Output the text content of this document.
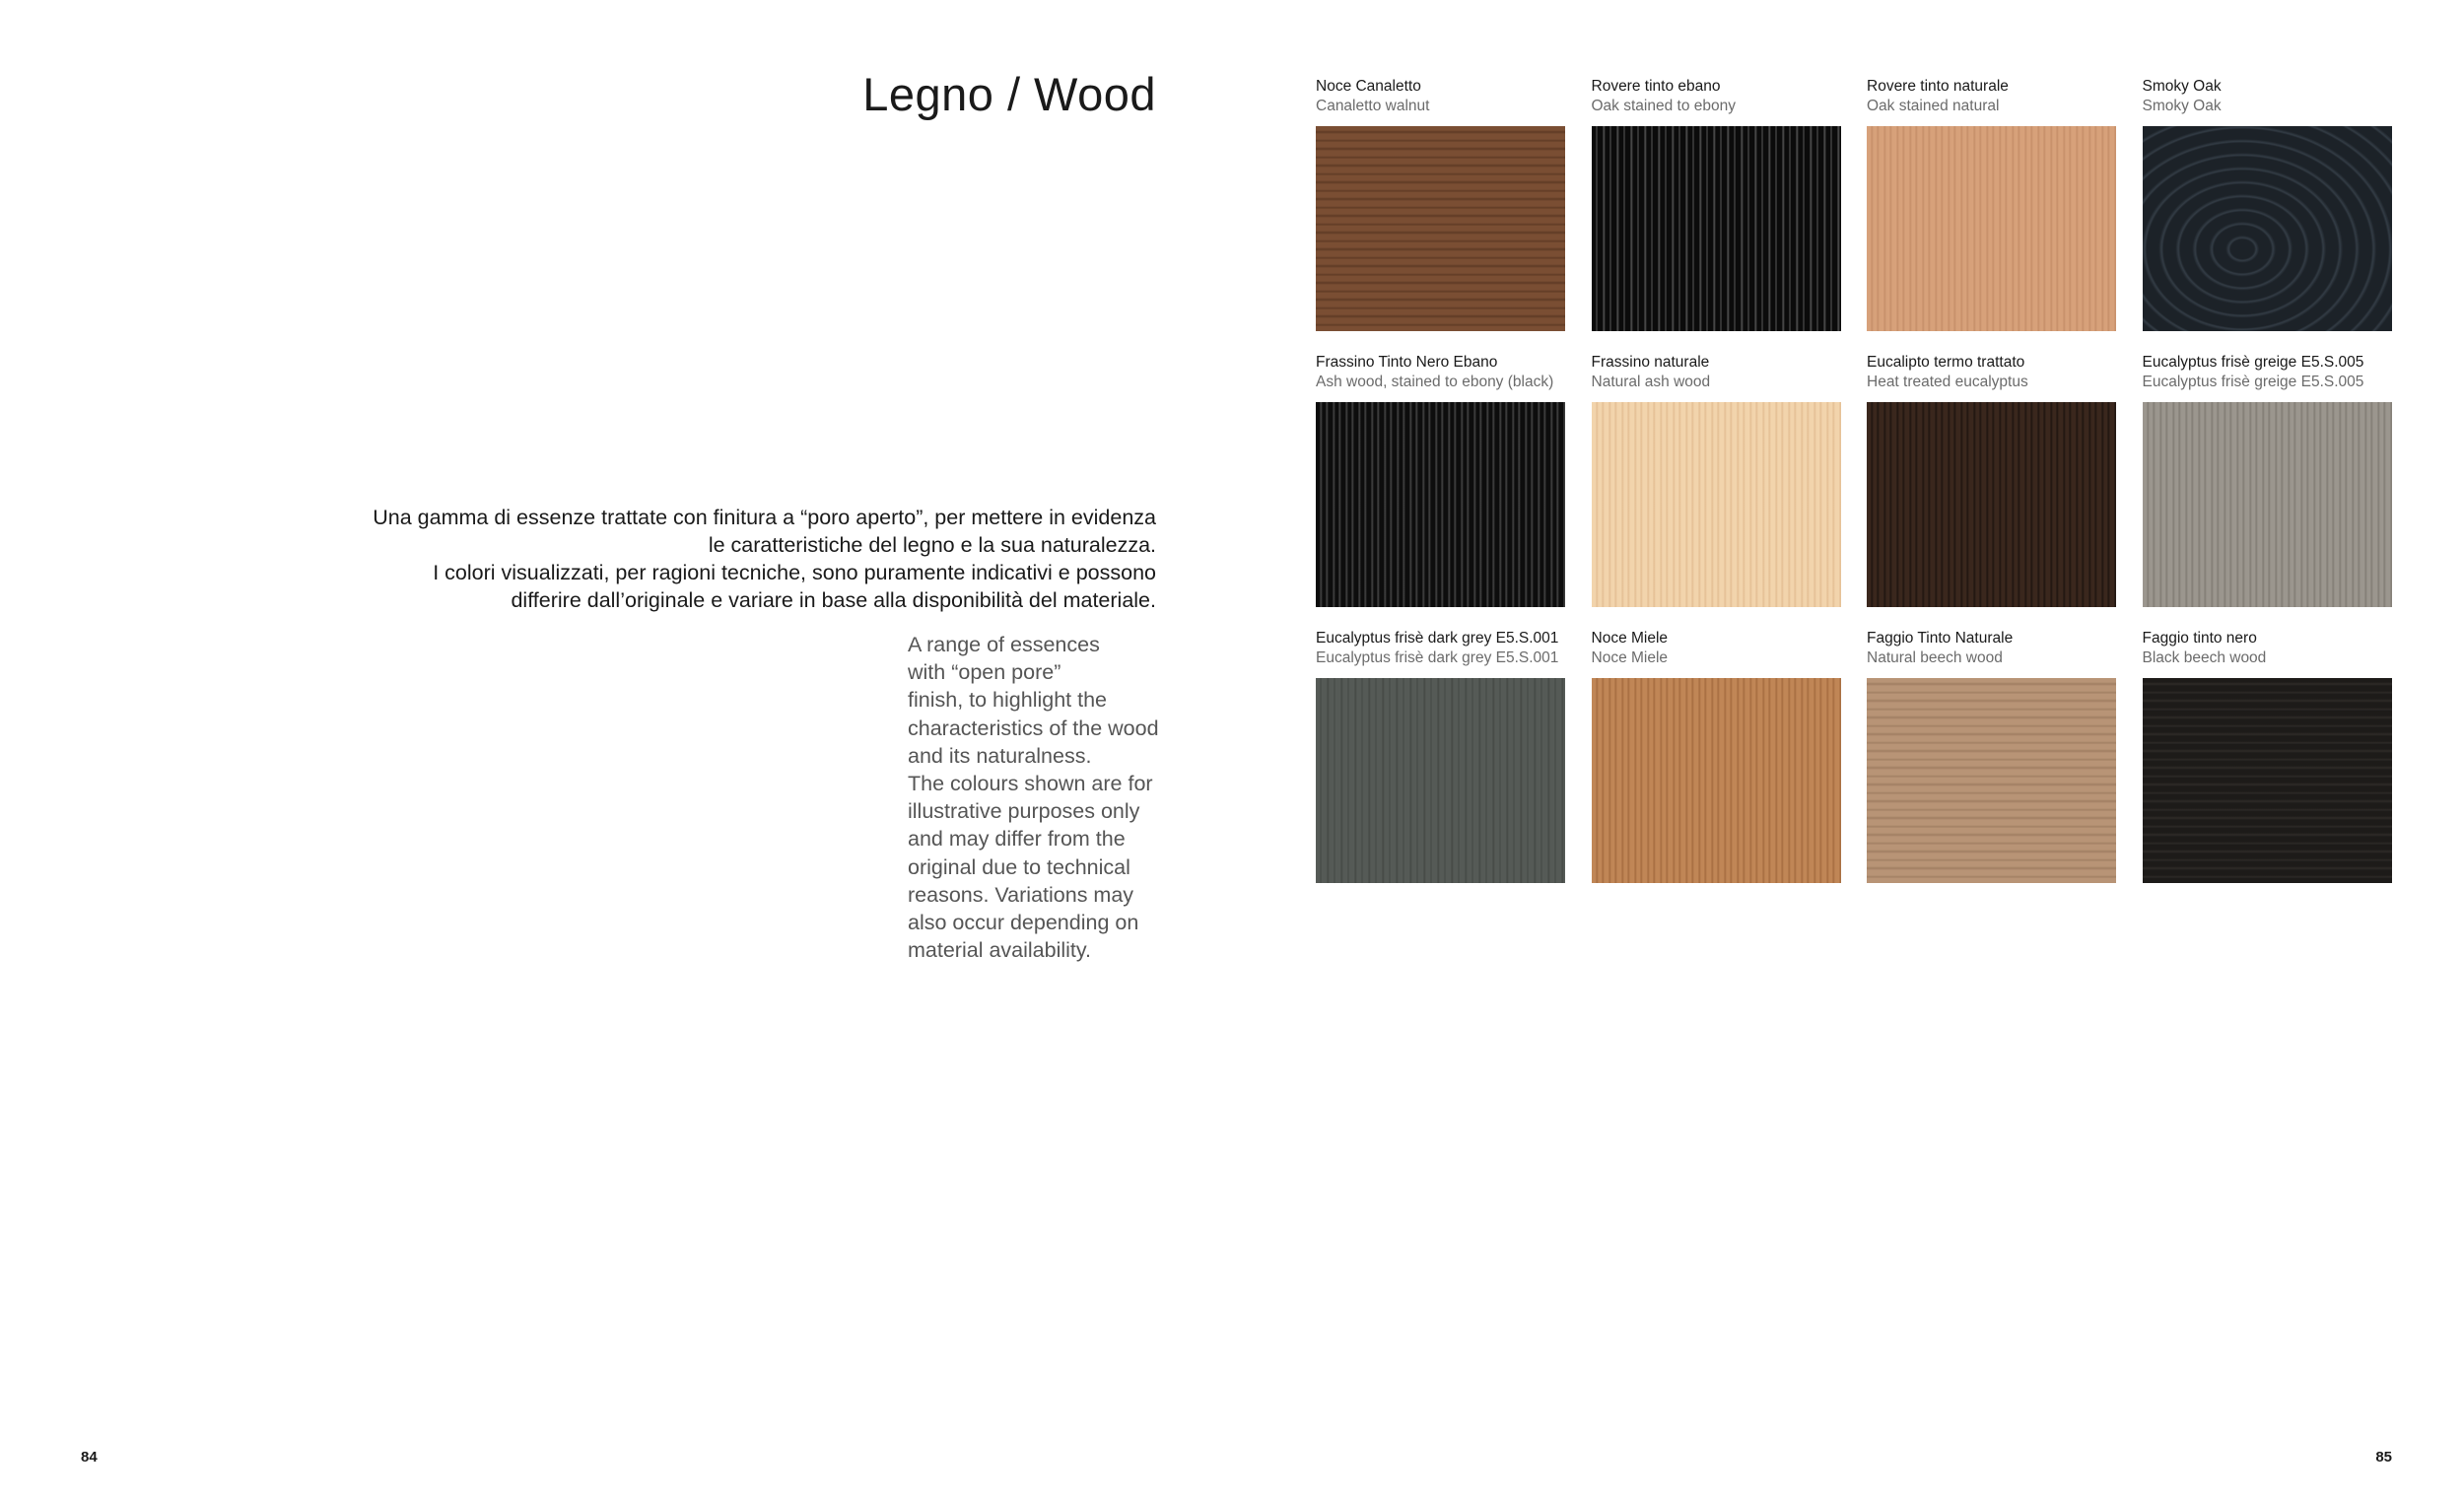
Legno / Wood

Una gamma di essenze trattate con finitura a “poro aperto”, per mettere in evidenza

le caratteristiche del legno e la sua naturalezza.

I colori visualizzati, per ragioni tecniche, sono puramente indicativi e possono

differire dall’originale e variare in base alla disponibilità del materiale.

A range of essences
with “open pore”
finish, to highlight the
characteristics of the wood
and its naturalness.
The colours shown are for
illustrative purposes only
and may differ from the
original due to technical
reasons. Variations may
also occur depending on
material availability.
Noce Canaletto
Canaletto walnut
Rovere tinto ebano
Oak stained to ebony
Rovere tinto naturale
Oak stained natural
Smoky Oak
Smoky Oak
Frassino Tinto Nero Ebano
Ash wood, stained to ebony (black)
Frassino naturale
Natural ash wood
Eucalipto termo trattato
Heat treated eucalyptus
Eucalyptus frisè greige E5.S.005
Eucalyptus frisè greige E5.S.005
Eucalyptus frisè dark grey E5.S.001
Eucalyptus frisè dark grey E5.S.001
Noce Miele
Noce Miele
Faggio Tinto Naturale
Natural beech wood
Faggio tinto nero
Black beech wood
84	85
